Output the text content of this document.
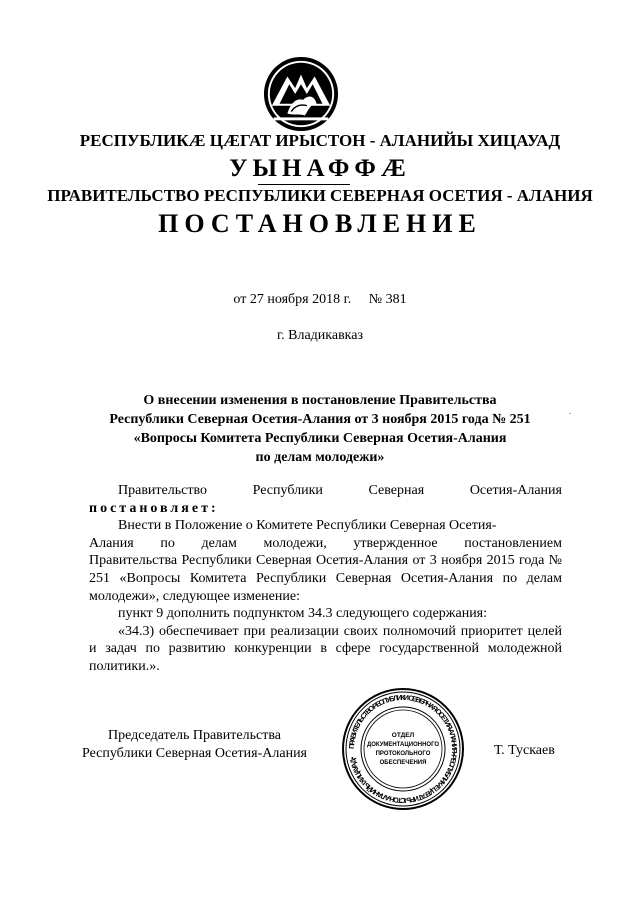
РЕСПУБЛИКӔ ЦӔГАТ ИРЫСТОН - АЛАНИЙЫ ХИЦАУАД
УЫНАФФӔ
ПРАВИТЕЛЬСТВО РЕСПУБЛИКИ СЕВЕРНАЯ ОСЕТИЯ - АЛАНИЯ
ПОСТАНОВЛЕНИЕ
от 27 ноября 2018 г. № 381
г. Владикавказ
О внесении изменения в постановление Правительства
Республики Северная Осетия-Алания от 3 ноября 2015 года № 251
«Вопросы Комитета Республики Северная Осетия-Алания
по делам молодежи»
·
Правительство	Республики	Северная	Осетия-Алания
постановляет:
Внести в Положение о Комитете Республики Северная Осетия-
Алания по делам молодежи, утвержденное постановлением
Правительства Республики Северная Осетия-Алания от 3 ноября 2015 года № 251 «Вопросы Комитета Республики Северная Осетия-Алания по делам молодежи», следующее изменение:
пункт 9 дополнить подпунктом 34.3 следующего содержания:
«34.3) обеспечивает при реализации своих полномочий приоритет целей и задач по развитию конкуренции в сфере государственной молодежной политики.».
Председатель Правительства
Республики Северная Осетия-Алания	Т. Тускаев
ПРАВИТЕЛЬСТВО РЕСПУБЛИКИ СЕВЕРНАЯ ОСЕТИЯ-АЛАНИЯ • РЕСПУБЛИКӔ ЦӔГАТ ИРЫСТОН-АЛАНИЙЫ ХИЦАУАД •
ОТДЕЛ
ДОКУМЕНТАЦИОННОГО
ПРОТОКОЛЬНОГО
ОБЕСПЕЧЕНИЯ
